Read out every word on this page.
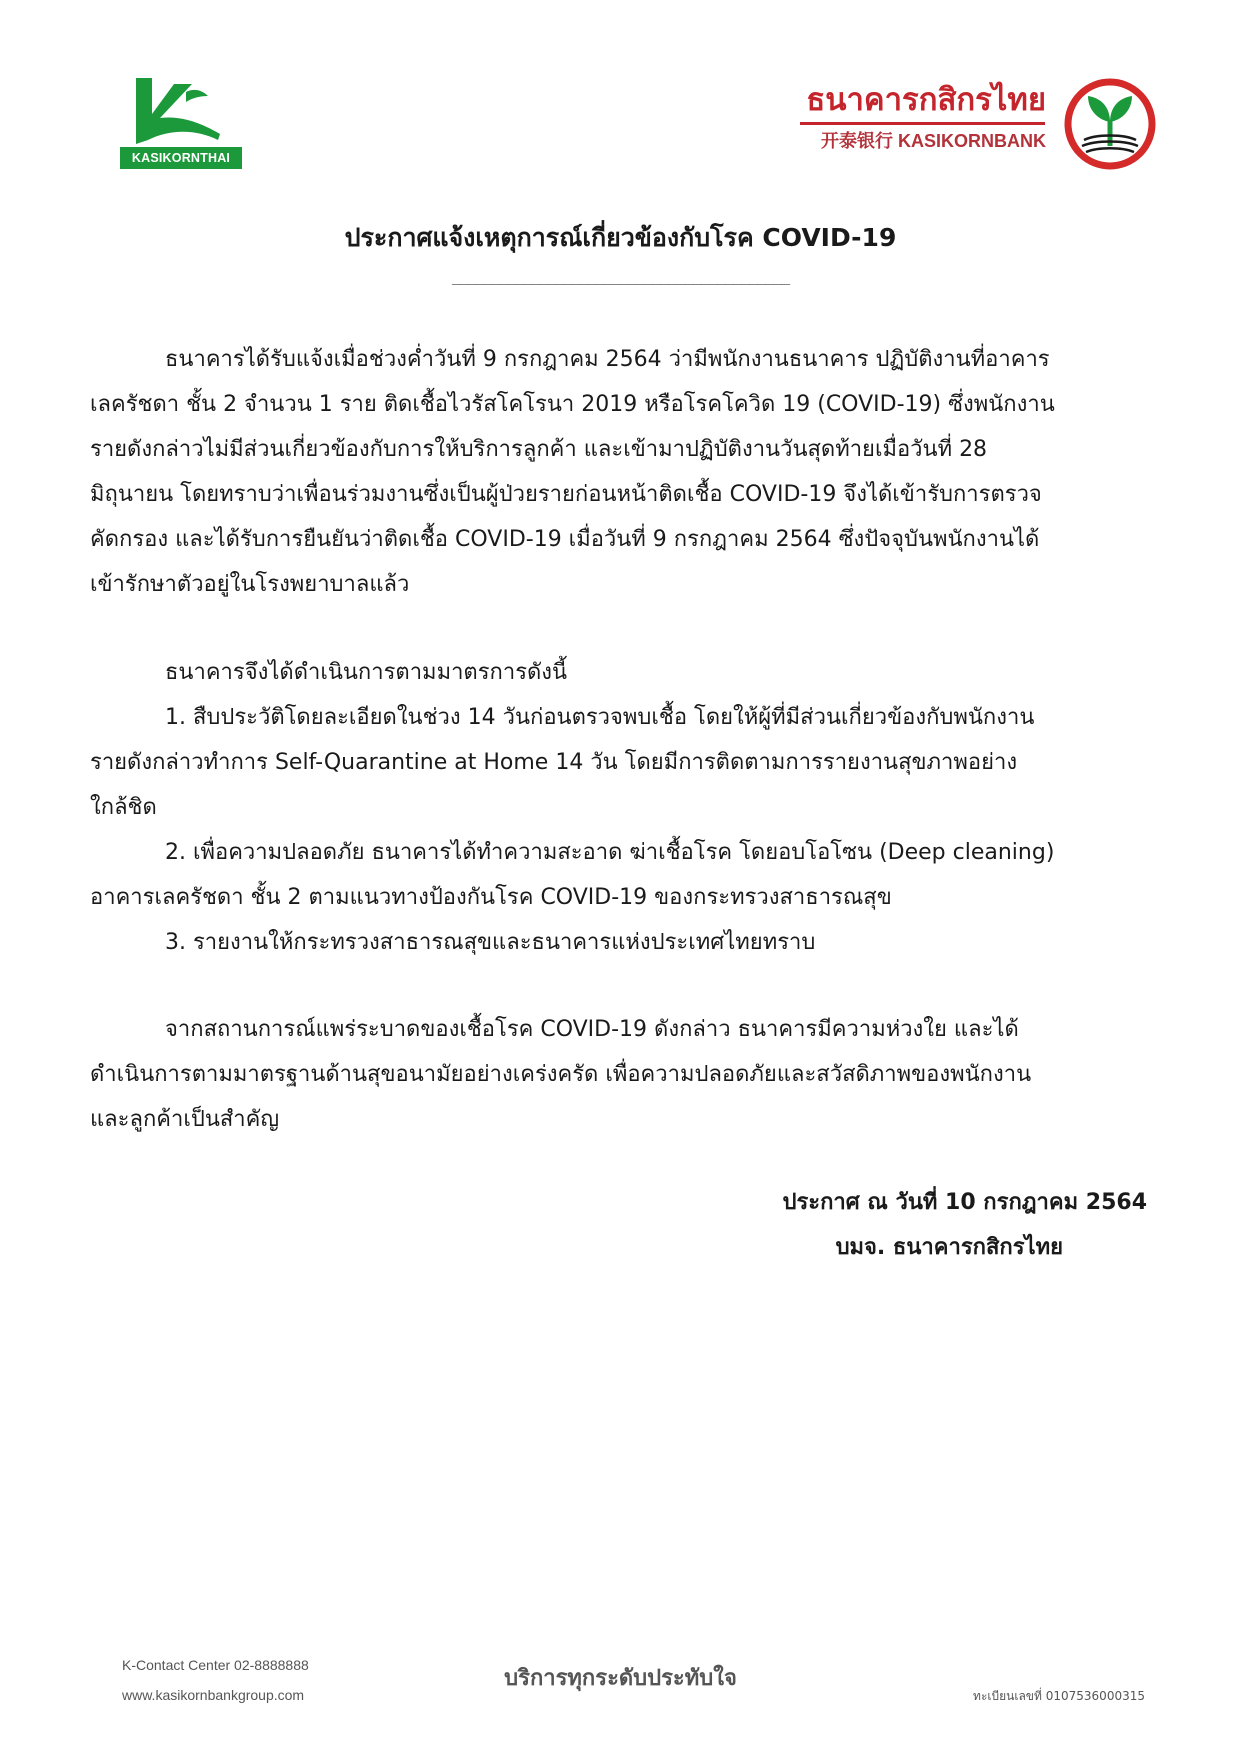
KASIKORNTHAI
ธนาคารกสิกรไทย
开泰银行 KASIKORNBANK
ประกาศแจ้งเหตุการณ์เกี่ยวข้องกับโรค COVID-19
__________________________________________
ธนาคารได้รับแจ้งเมื่อช่วงค่ำวันที่ 9 กรกฎาคม 2564 ว่ามีพนักงานธนาคาร ปฏิบัติงานที่อาคาร
เลครัชดา ชั้น 2 จำนวน 1 ราย ติดเชื้อไวรัสโคโรนา 2019 หรือโรคโควิด 19 (COVID-19) ซึ่งพนักงาน
รายดังกล่าวไม่มีส่วนเกี่ยวข้องกับการให้บริการลูกค้า และเข้ามาปฏิบัติงานวันสุดท้ายเมื่อวันที่ 28
มิถุนายน โดยทราบว่าเพื่อนร่วมงานซึ่งเป็นผู้ป่วยรายก่อนหน้าติดเชื้อ COVID-19 จึงได้เข้ารับการตรวจ
คัดกรอง และได้รับการยืนยันว่าติดเชื้อ COVID-19 เมื่อวันที่ 9 กรกฎาคม 2564 ซึ่งปัจจุบันพนักงานได้
เข้ารักษาตัวอยู่ในโรงพยาบาลแล้ว
ธนาคารจึงได้ดำเนินการตามมาตรการดังนี้
1. สืบประวัติโดยละเอียดในช่วง 14 วันก่อนตรวจพบเชื้อ โดยให้ผู้ที่มีส่วนเกี่ยวข้องกับพนักงาน
รายดังกล่าวทำการ Self-Quarantine at Home 14 วัน โดยมีการติดตามการรายงานสุขภาพอย่าง
ใกล้ชิด
2. เพื่อความปลอดภัย ธนาคารได้ทำความสะอาด ฆ่าเชื้อโรค โดยอบโอโซน (Deep cleaning)
อาคารเลครัชดา ชั้น 2 ตามแนวทางป้องกันโรค COVID-19 ของกระทรวงสาธารณสุข
3. รายงานให้กระทรวงสาธารณสุขและธนาคารแห่งประเทศไทยทราบ
จากสถานการณ์แพร่ระบาดของเชื้อโรค COVID-19 ดังกล่าว ธนาคารมีความห่วงใย และได้
ดำเนินการตามมาตรฐานด้านสุขอนามัยอย่างเคร่งครัด เพื่อความปลอดภัยและสวัสดิภาพของพนักงาน
และลูกค้าเป็นสำคัญ
ประกาศ ณ วันที่ 10 กรกฎาคม 2564
บมจ. ธนาคารกสิกรไทย
K-Contact Center 02-8888888
www.kasikornbankgroup.com
บริการทุกระดับประทับใจ
ทะเบียนเลขที่ 0107536000315
